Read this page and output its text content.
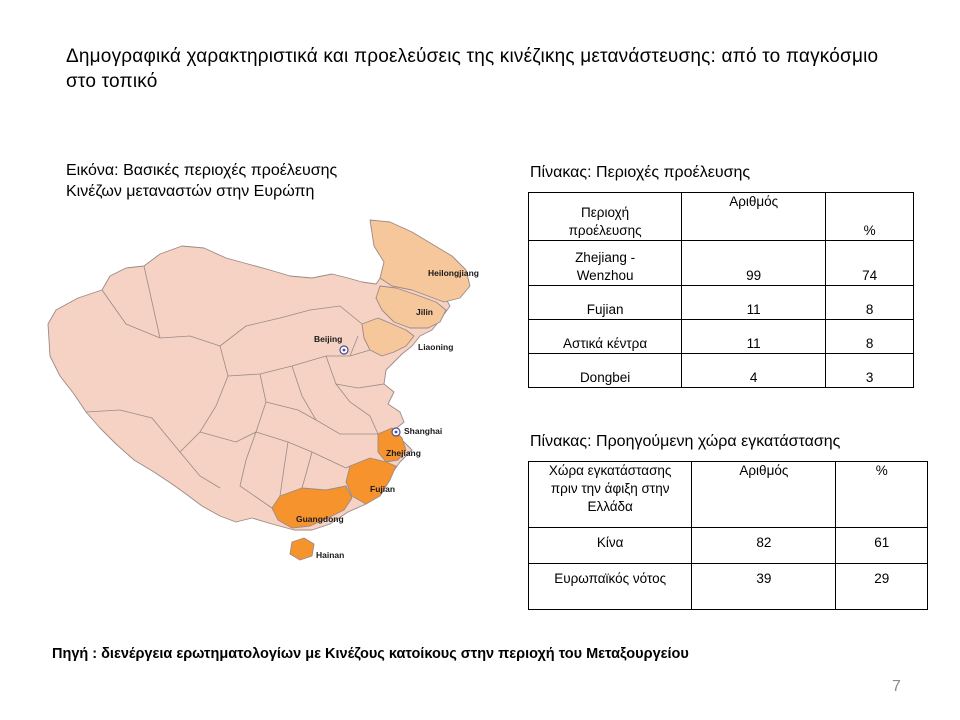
Δημογραφικά χαρακτηριστικά και προελεύσεις της κινέζικης μετανάστευσης: από το παγκόσμιο στο τοπικό
Εικόνα: Βασικές περιοχές προέλευσης
Κινέζων μεταναστών στην Ευρώπη
Heilongjiang
Jilin
Liaoning
Beijing
Shanghai
Zhejiang
Fujian
Guangdong
Hainan
Πίνακας: Περιοχές προέλευσης
Περιοχή
προέλευσης	Αριθμός	%

Zhejiang -
Wenzhou	99	74
Fujian	11	8
Αστικά κέντρα	11	8
Dongbei	4	3
Πίνακας: Προηγούμενη χώρα εγκατάστασης
Χώρα εγκατάστασης
πριν την άφιξη στην
Ελλάδα	Αριθμός	%
Κίνα	82	61
Ευρωπαϊκός νότος	39	29
Πηγή : διενέργεια ερωτηματολογίων με Κινέζους κατοίκους στην περιοχή του Μεταξουργείου
7
